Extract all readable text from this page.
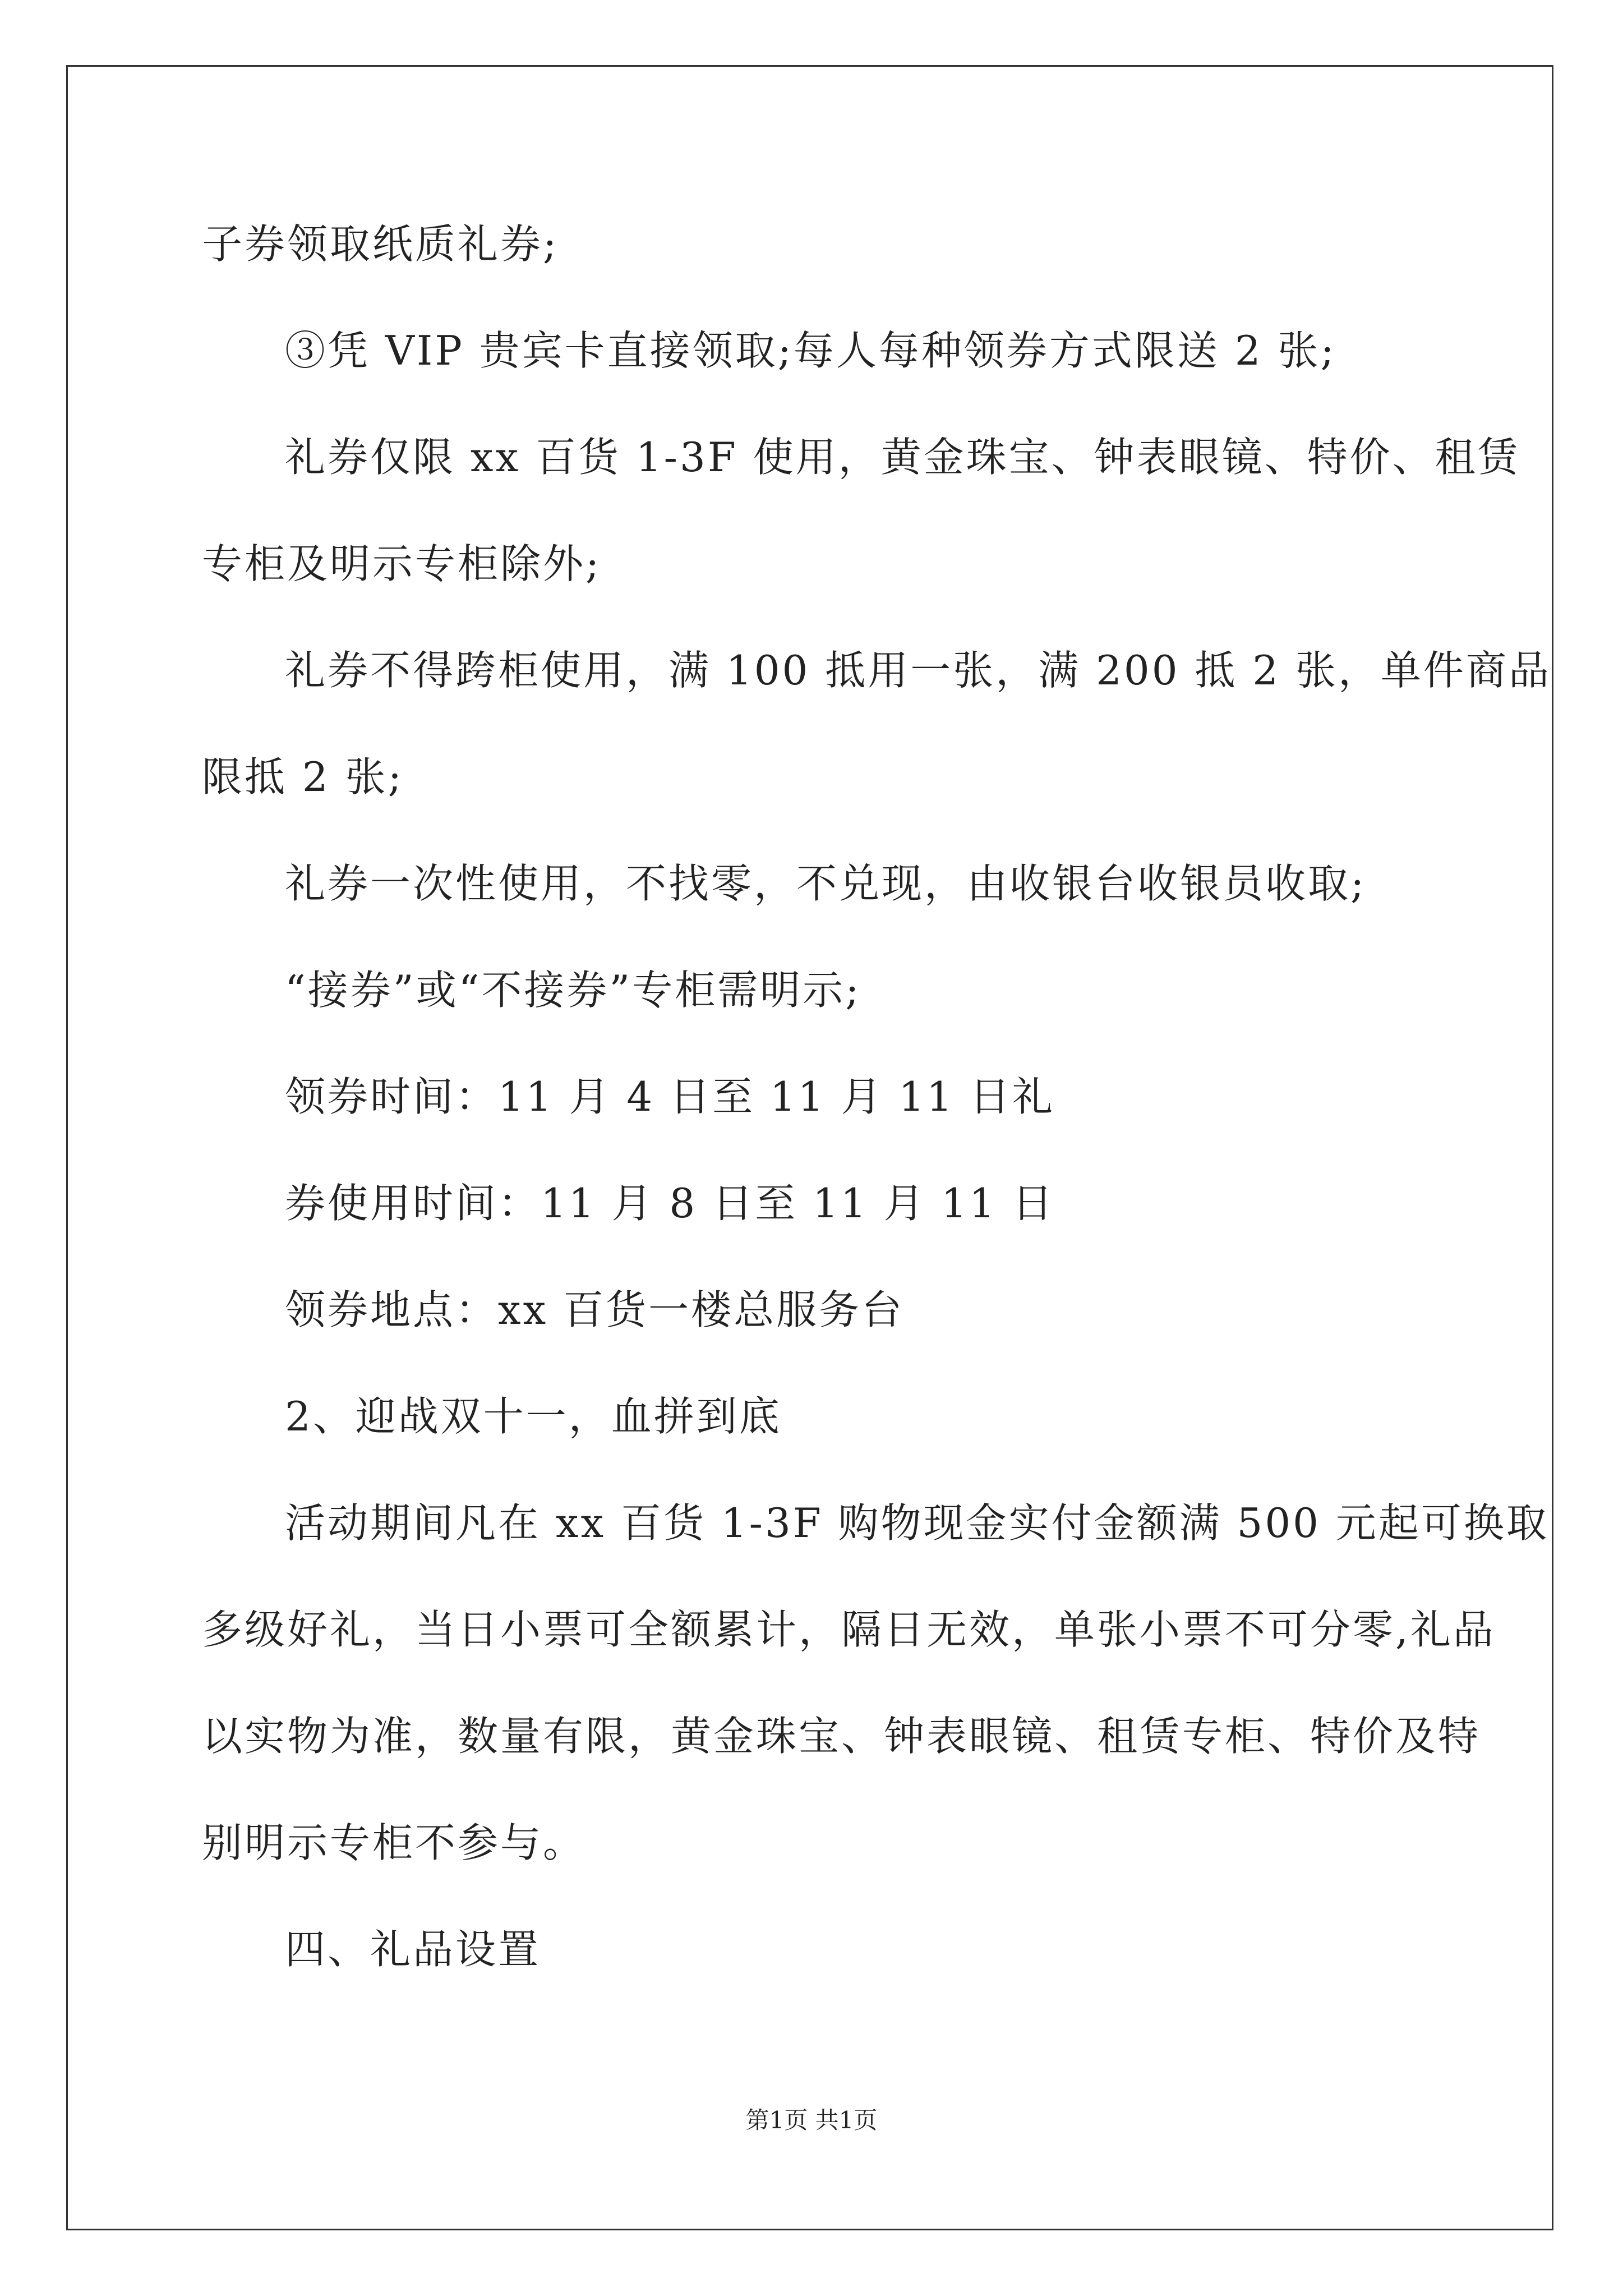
子券领取纸质礼券;
③凭 VIP 贵宾卡直接领取;每人每种领券方式限送 2 张;
礼券仅限 xx 百货 1-3F 使用，黄金珠宝、钟表眼镜、特价、租赁
专柜及明示专柜除外;
礼券不得跨柜使用，满 100 抵用一张，满 200 抵 2 张，单件商品
限抵 2 张;
礼券一次性使用，不找零，不兑现，由收银台收银员收取;
“接券”或“不接券”专柜需明示;
领券时间：11 月 4 日至 11 月 11 日礼
券使用时间：11 月 8 日至 11 月 11 日
领券地点：xx 百货一楼总服务台
2、迎战双十一，血拼到底
活动期间凡在 xx 百货 1-3F 购物现金实付金额满 500 元起可换取
多级好礼，当日小票可全额累计，隔日无效，单张小票不可分零,礼品
以实物为准，数量有限，黄金珠宝、钟表眼镜、租赁专柜、特价及特
别明示专柜不参与。
四、礼品设置
第1页 共1页
